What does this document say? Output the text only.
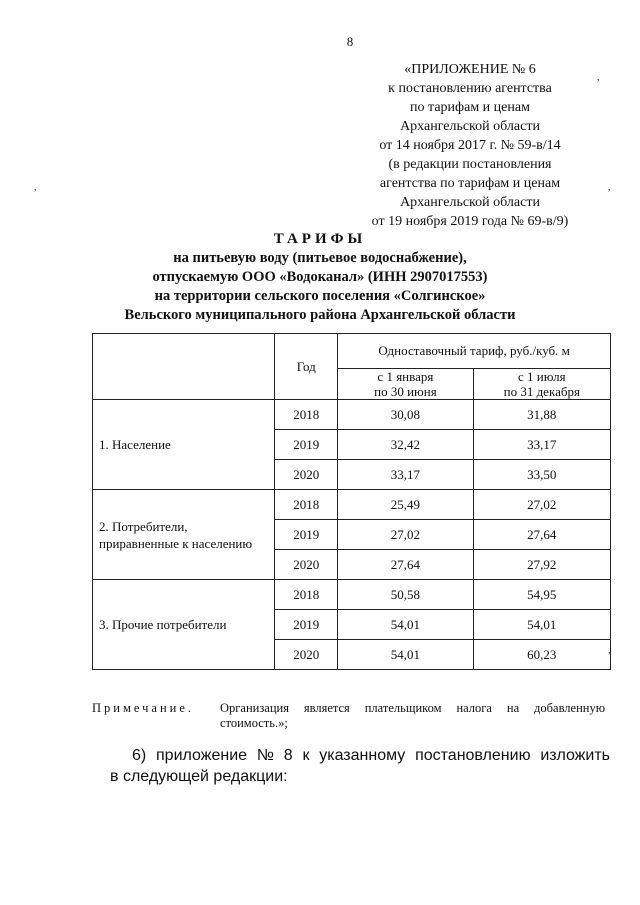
8
«ПРИЛОЖЕНИЕ № 6
к постановлению агентства
по тарифам и ценам
Архангельской области
от 14 ноября 2017 г. № 59-в/14
(в редакции постановления
агентства по тарифам и ценам
Архангельской области
от 19 ноября 2019 года № 69-в/9)
ТАРИФЫ
на питьевую воду (питьевое водоснабжение),
отпускаемую ООО «Водоканал» (ИНН 2907017553)
на территории сельского поселения «Солгинское»
Вельского муниципального района Архангельской области
	Год	Одноставочный тариф, руб./куб. м	
		с 1 января
по 30 июня	с 1 июля
по 31 декабря
1. Население	2018	30,08	31,88
	2019	32,42	33,17
	2020	33,17	33,50
2. Потребители,
приравненные к населению	2018	25,49	27,02
	2019	27,02	27,64
	2020	27,64	27,92
3. Прочие потребители	2018	50,58	54,95
	2019	54,01	54,01
	2020	54,01	60,23
Примечание. Организация является плательщиком налога на добавленную
стоимость.»;
6) приложение № 8 к указанному постановлению изложить
в следующей редакции:
,
,	,
,
